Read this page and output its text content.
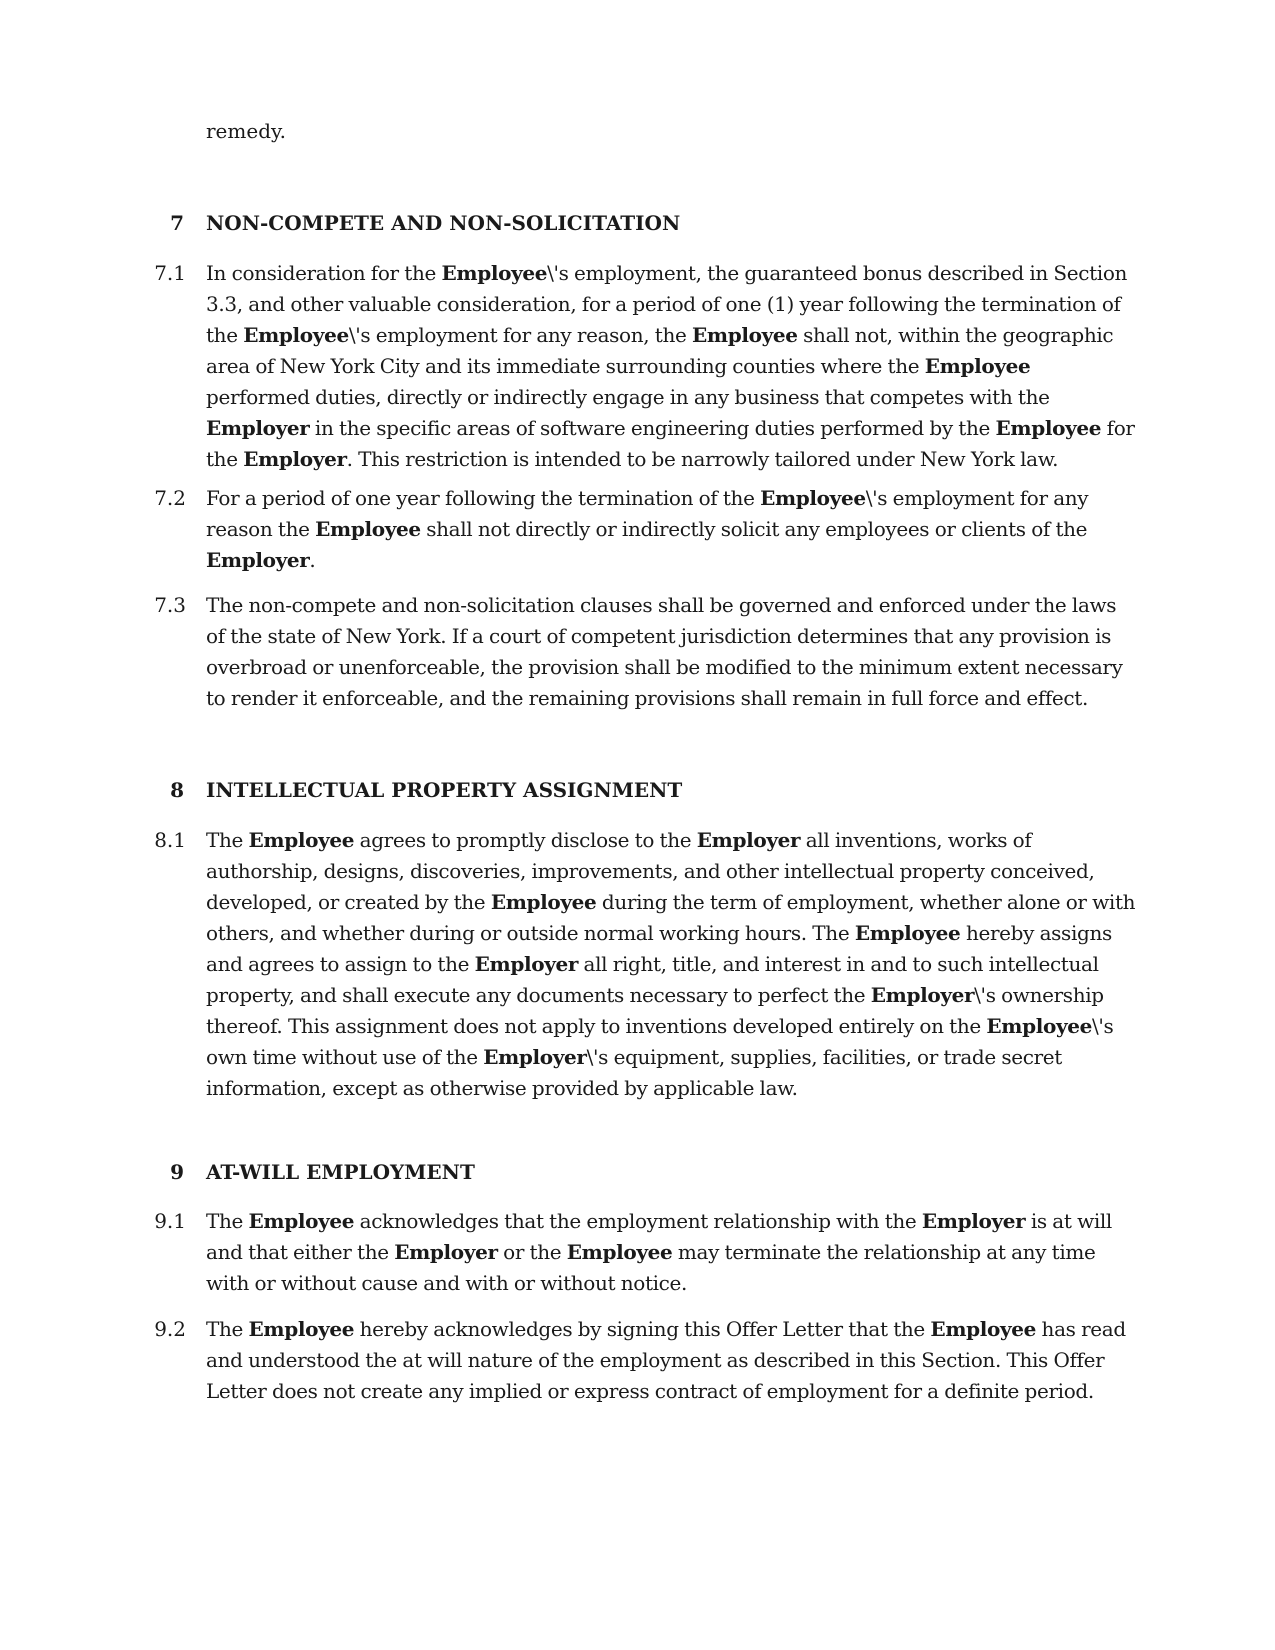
remedy.

7 NON-COMPETE AND NON-SOLICITATION
7.1 In consideration for the Employee\'s employment, the guaranteed bonus described in Section 3.3, and other valuable consideration, for a period of one (1) year following the termination of the Employee\'s employment for any reason, the Employee shall not, within the geographic area of New York City and its immediate surrounding counties where the Employee performed duties, directly or indirectly engage in any business that competes with the Employer in the specific areas of software engineering duties performed by the Employee for the Employer. This restriction is intended to be narrowly tailored under New York law.

7.2 For a period of one year following the termination of the Employee\'s employment for any reason the Employee shall not directly or indirectly solicit any employees or clients of the Employer.

7.3 The non-compete and non-solicitation clauses shall be governed and enforced under the laws of the state of New York. If a court of competent jurisdiction determines that any provision is overbroad or unenforceable, the provision shall be modified to the minimum extent necessary to render it enforceable, and the remaining provisions shall remain in full force and effect.

8 INTELLECTUAL PROPERTY ASSIGNMENT
8.1 The Employee agrees to promptly disclose to the Employer all inventions, works of authorship, designs, discoveries, improvements, and other intellectual property conceived, developed, or created by the Employee during the term of employment, whether alone or with others, and whether during or outside normal working hours. The Employee hereby assigns and agrees to assign to the Employer all right, title, and interest in and to such intellectual property, and shall execute any documents necessary to perfect the Employer\'s ownership thereof. This assignment does not apply to inventions developed entirely on the Employee\'s own time without use of the Employer\'s equipment, supplies, facilities, or trade secret information, except as otherwise provided by applicable law.

9 AT-WILL EMPLOYMENT
9.1 The Employee acknowledges that the employment relationship with the Employer is at will and that either the Employer or the Employee may terminate the relationship at any time with or without cause and with or without notice.

9.2 The Employee hereby acknowledges by signing this Offer Letter that the Employee has read and understood the at will nature of the employment as described in this Section. This Offer Letter does not create any implied or express contract of employment for a definite period.
